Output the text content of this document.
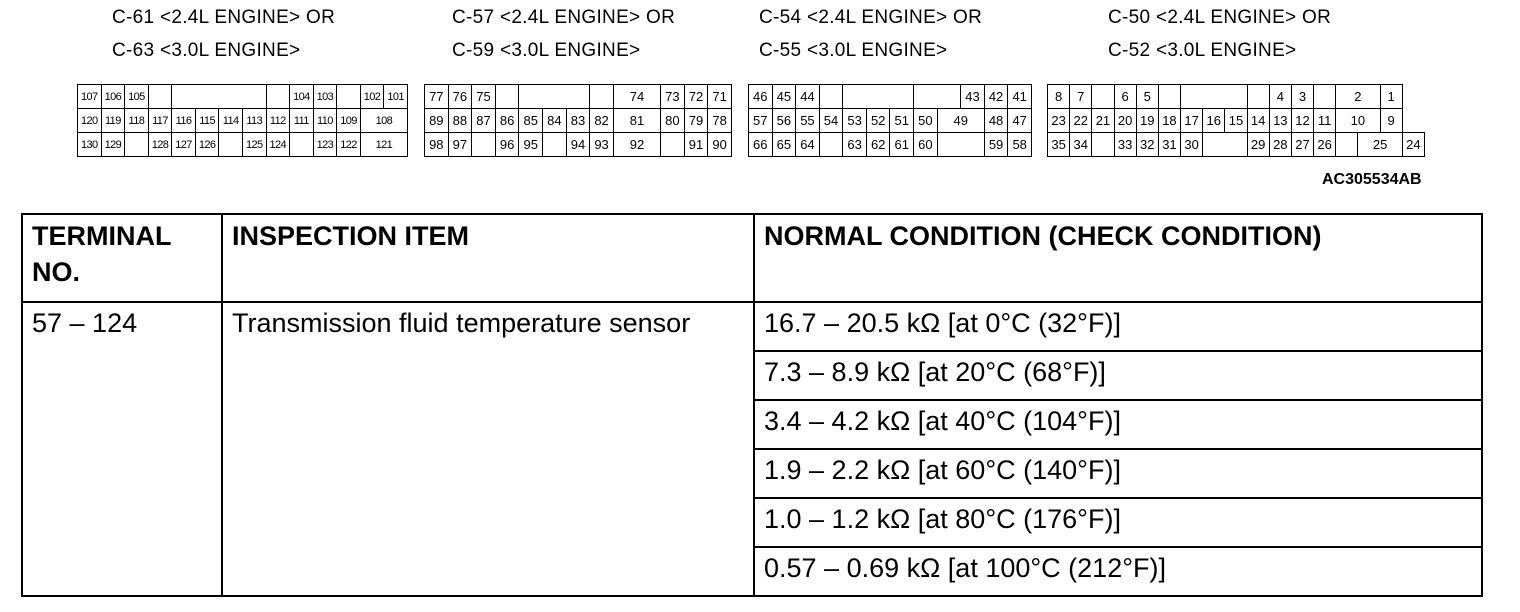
C-61 <2.4L ENGINE> OR
C-63 <3.0L ENGINE>
C-57 <2.4L ENGINE> OR
C-59 <3.0L ENGINE>
C-54 <2.4L ENGINE> OR
C-55 <3.0L ENGINE>
C-50 <2.4L ENGINE> OR
C-52 <3.0L ENGINE>
107	106	105							104	103		102	101
120	119	118	117	116	115	114	113	112	111	110	109	108	
130	129		128	127	126		125	124		123	122	121	
77	76	75						74	73	72	71
89	88	87	86	85	84	83	82	81	80	79	78
98	97		96	95		94	93	92		91	90
46	45	44							43	42	41
57	56	55	54	53	52	51	50	49		48	47
66	65	64		63	62	61	60			59	58
8	7		6	5						4	3		2		1	
23	22	21	20	19	18	17	16	15	14	13	12	11	10		9	
35	34		33	32	31	30			29	28	27	26		25		24
AC305534AB
TERMINAL NO.	INSPECTION ITEM	NORMAL CONDITION (CHECK CONDITION)
57 – 124	Transmission fluid temperature sensor	16.7 – 20.5 kΩ [at 0°C (32°F)]
		7.3 – 8.9 kΩ [at 20°C (68°F)]
		3.4 – 4.2 kΩ [at 40°C (104°F)]
		1.9 – 2.2 kΩ [at 60°C (140°F)]
		1.0 – 1.2 kΩ [at 80°C (176°F)]
		0.57 – 0.69 kΩ [at 100°C (212°F)]
